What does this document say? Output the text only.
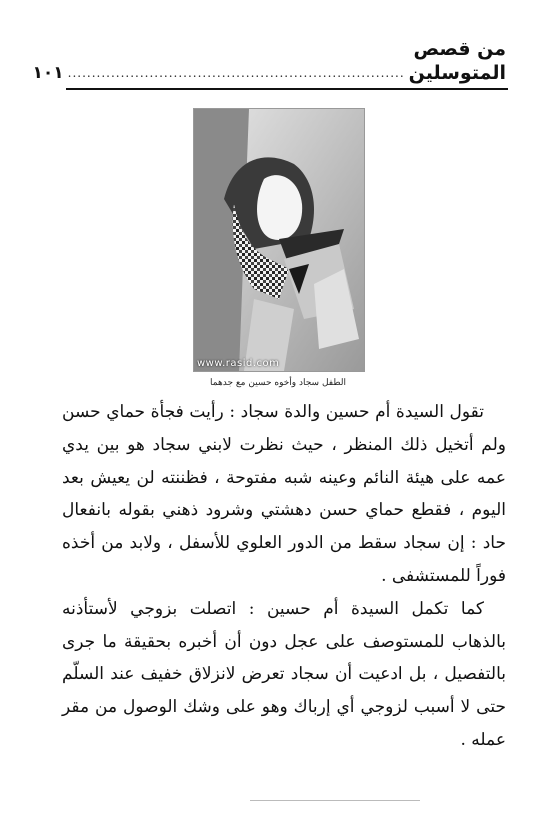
من قصص المتوسلين
......................................................................
١٠١
www.rasid.com
الطفل سجاد وأخوه حسين مع جدهما

تقول السيدة أم حسين والدة سجاد : رأيت فجأة حماي حسن ولم أتخيل ذلك المنظر ، حيث نظرت لابني سجاد هو بين يدي عمه على هيئة النائم وعينه شبه مفتوحة ، فظننته لن يعيش بعد اليوم ، فقطع حماي حسن دهشتي وشرود ذهني بقوله بانفعال حاد : إن سجاد سقط من الدور العلوي للأسفل ، ولابد من أخذه فوراً للمستشفى .

كما تكمل السيدة أم حسين : اتصلت بزوجي لأستأذنه بالذهاب للمستوصف على عجل دون أن أخبره بحقيقة ما جرى بالتفصيل ، بل ادعيت أن سجاد تعرض لانزلاق خفيف عند السلّم حتى لا أسبب لزوجي أي إرباك وهو على وشك الوصول من مقر عمله .
